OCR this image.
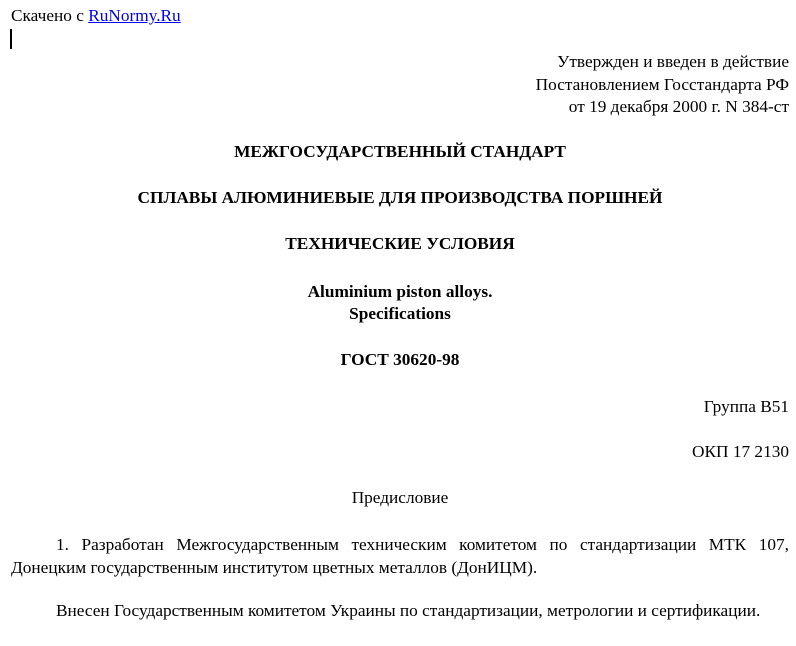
Скачено с RuNormy.Ru
Утвержден и введен в действие
Постановлением Госстандарта РФ
от 19 декабря 2000 г. N 384-ст
МЕЖГОСУДАРСТВЕННЫЙ СТАНДАРТ
СПЛАВЫ АЛЮМИНИЕВЫЕ ДЛЯ ПРОИЗВОДСТВА ПОРШНЕЙ
ТЕХНИЧЕСКИЕ УСЛОВИЯ
Aluminium piston alloys.
Specifications
ГОСТ 30620-98
Группа В51
ОКП 17 2130
Предисловие
1. Разработан Межгосударственным техническим комитетом по стандартизации МТК 107, Донецким государственным институтом цветных металлов (ДонИЦМ).
Внесен Государственным комитетом Украины по стандартизации, метрологии и сертификации.
